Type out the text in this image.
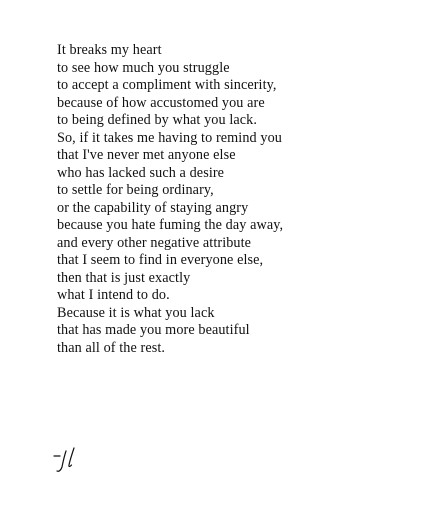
It breaks my heart
to see how much you struggle
to accept a compliment with sincerity,
because of how accustomed you are
to being defined by what you lack.
So, if it takes me having to remind you
that I've never met anyone else
who has lacked such a desire
to settle for being ordinary,
or the capability of staying angry
because you hate fuming the day away,
and every other negative attribute
that I seem to find in everyone else,
then that is just exactly
what I intend to do.
Because it is what you lack
that has made you more beautiful
than all of the rest.
